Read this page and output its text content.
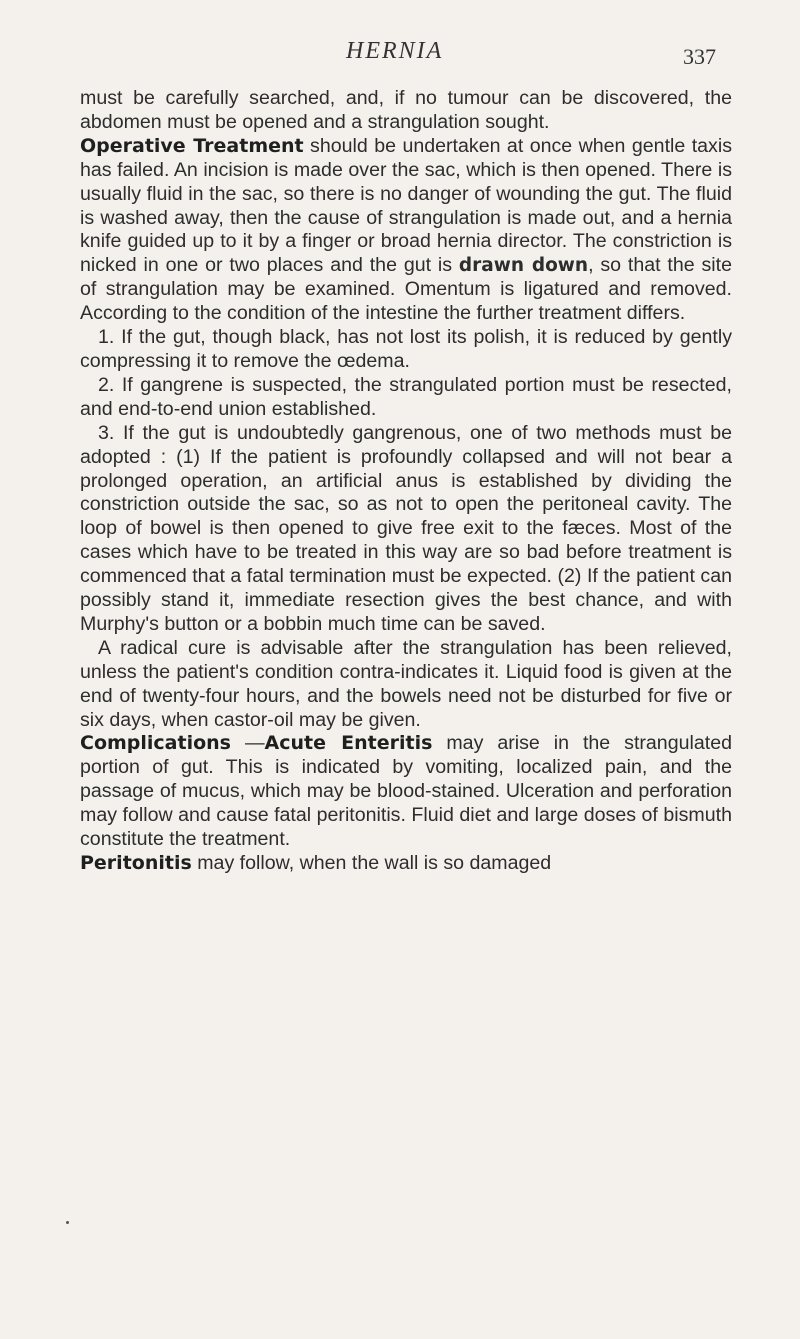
HERNIA	337

must be carefully searched, and, if no tumour can be discovered, the abdomen must be opened and a strangulation sought.

Operative Treatment should be undertaken at once when gentle taxis has failed. An incision is made over the sac, which is then opened. There is usually fluid in the sac, so there is no danger of wounding the gut. The fluid is washed away, then the cause of strangulation is made out, and a hernia knife guided up to it by a finger or broad hernia director. The constriction is nicked in one or two places and the gut is drawn down, so that the site of strangulation may be examined. Omentum is ligatured and removed. According to the condition of the intestine the further treatment differs.

1. If the gut, though black, has not lost its polish, it is reduced by gently compressing it to remove the œdema.

2. If gangrene is suspected, the strangulated portion must be resected, and end-to-end union established.

3. If the gut is undoubtedly gangrenous, one of two methods must be adopted : (1) If the patient is profoundly collapsed and will not bear a prolonged operation, an artificial anus is established by dividing the constriction outside the sac, so as not to open the peritoneal cavity. The loop of bowel is then opened to give free exit to the fæces. Most of the cases which have to be treated in this way are so bad before treatment is commenced that a fatal termination must be expected. (2) If the patient can possibly stand it, immediate resection gives the best chance, and with Murphy's button or a bobbin much time can be saved.

A radical cure is advisable after the strangulation has been relieved, unless the patient's condition contra-indicates it. Liquid food is given at the end of twenty-four hours, and the bowels need not be disturbed for five or six days, when castor-oil may be given.

Complications —Acute Enteritis may arise in the strangulated portion of gut. This is indicated by vomiting, localized pain, and the passage of mucus, which may be blood-stained. Ulceration and perforation may follow and cause fatal peritonitis. Fluid diet and large doses of bismuth constitute the treatment.

Peritonitis may follow, when the wall is so damaged
